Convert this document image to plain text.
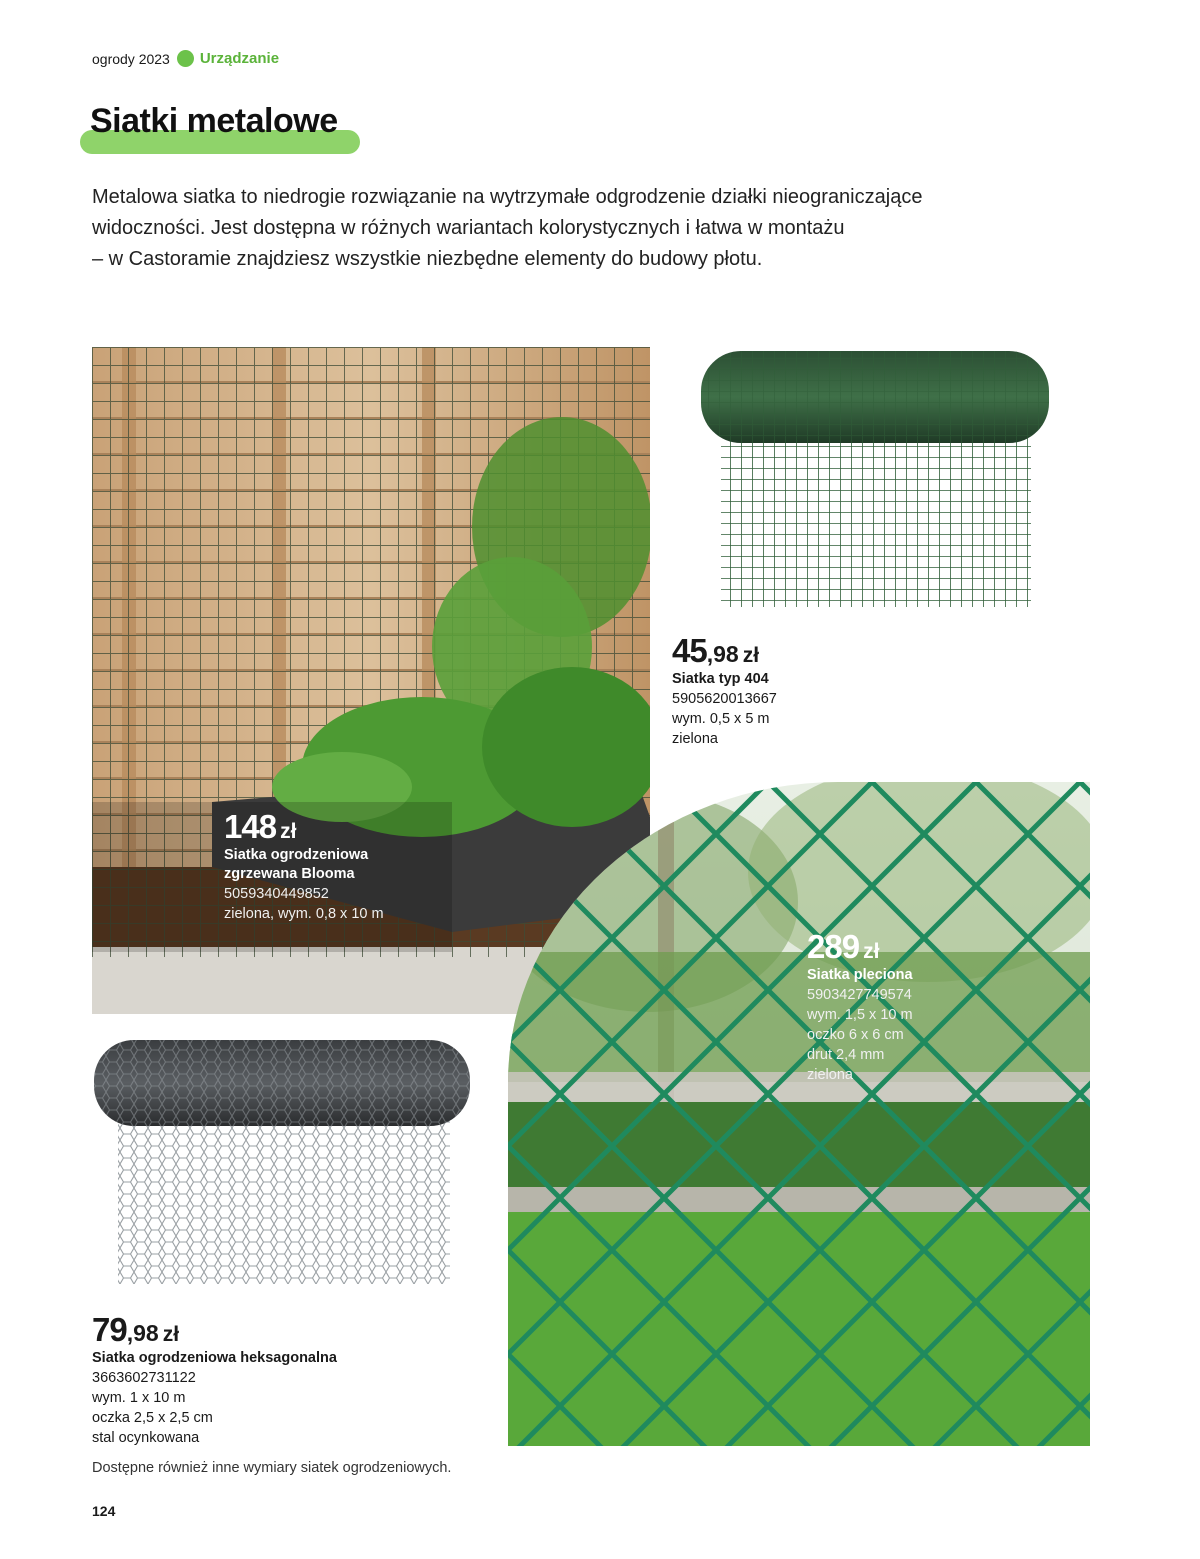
ogrody 2023 Urządzanie
Siatki metalowe

Metalowa siatka to niedrogie rozwiązanie na wytrzymałe odgrodzenie działki nieograniczające

widoczności. Jest dostępna w różnych wariantach kolorystycznych i łatwa w montażu

– w Castoramie znajdziesz wszystkie niezbędne elementy do budowy płotu.

148 zł
Siatka ogrodzeniowa
zgrzewana Blooma
5059340449852
zielona, wym. 0,8 x 10 m
45,98 zł
Siatka typ 404
5905620013667
wym. 0,5 x 5 m
zielona
289 zł
Siatka pleciona
5903427749574
wym. 1,5 x 10 m
oczko 6 x 6 cm
drut 2,4 mm
zielona
79,98 zł
Siatka ogrodzeniowa heksagonalna
3663602731122
wym. 1 x 10 m
oczka 2,5 x 2,5 cm
stal ocynkowana
Dostępne również inne wymiary siatek ogrodzeniowych.
124
